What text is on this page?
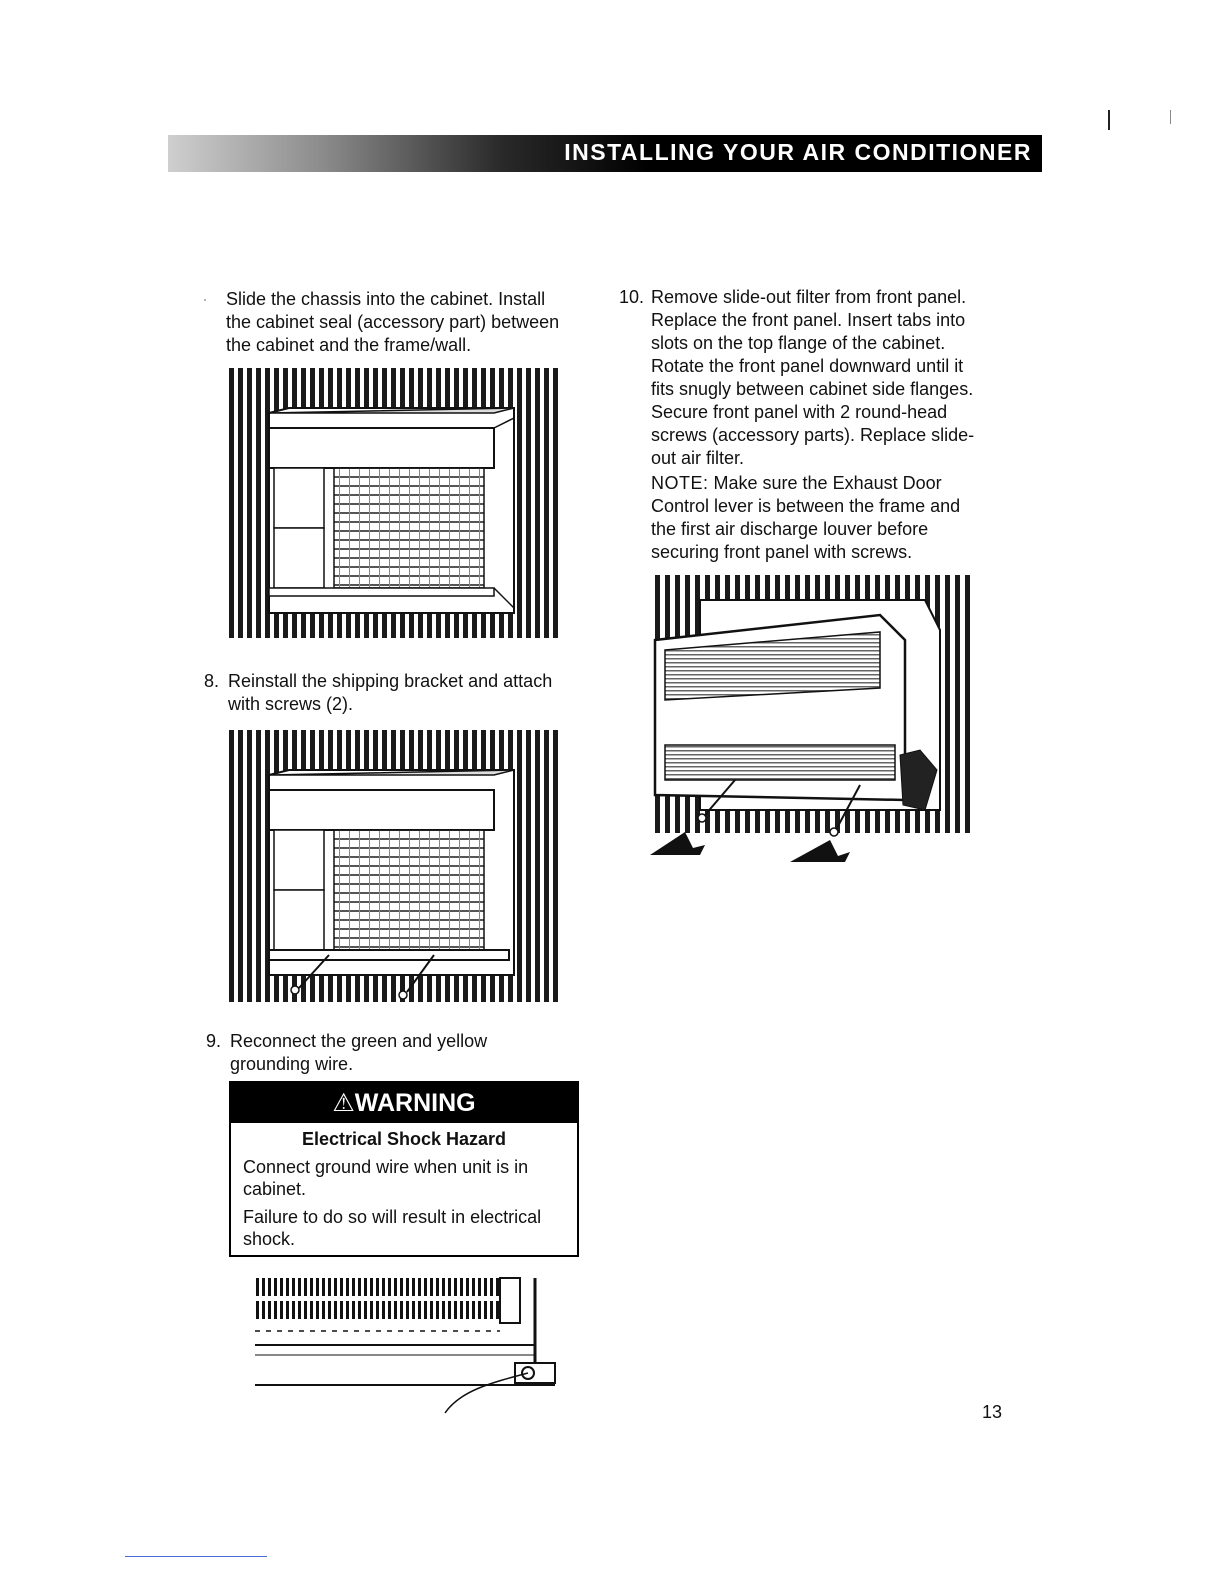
INSTALLING YOUR AIR CONDITIONER
· Slide the chassis into the cabinet. Install
the cabinet seal (accessory part) between
the cabinet and the frame/wall.
8. Reinstall the shipping bracket and attach
with screws (2).
9. Reconnect the green and yellow
grounding wire.
⚠WARNING
Electrical Shock Hazard
Connect ground wire when unit is in
cabinet.
Failure to do so will result in electrical
shock.
10. Remove slide-out filter from front panel.
Replace the front panel. Insert tabs into
slots on the top flange of the cabinet.
Rotate the front panel downward until it
fits snugly between cabinet side flanges.
Secure front panel with 2 round-head
screws (accessory parts). Replace slide-
out air filter.
NOTE: Make sure the Exhaust Door
Control lever is between the frame and
the first air discharge louver before
securing front panel with screws.
13
